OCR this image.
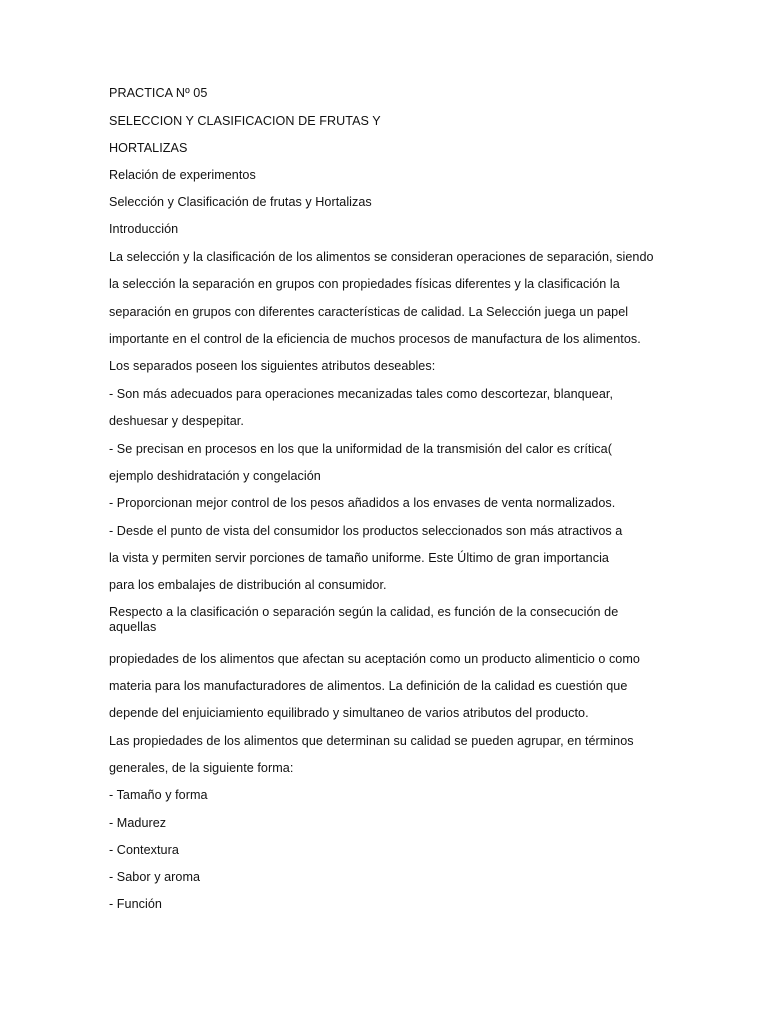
PRACTICA Nº 05
SELECCION Y CLASIFICACION DE FRUTAS Y
HORTALIZAS
Relación de experimentos
Selección y Clasificación de frutas y Hortalizas
Introducción
La selección y la clasificación de los alimentos se consideran operaciones de separación, siendo
la selección la separación en grupos con propiedades físicas diferentes y la clasificación la
separación en grupos con diferentes características de calidad. La Selección juega un papel
importante en el control de la eficiencia de muchos procesos de manufactura de los alimentos.
Los separados poseen los siguientes atributos deseables:
- Son más adecuados para operaciones mecanizadas tales como descortezar, blanquear,
deshuesar y despepitar.
- Se precisan en procesos en los que la uniformidad de la transmisión del calor es crítica(
ejemplo deshidratación y congelación
- Proporcionan mejor control de los pesos añadidos a los envases de venta normalizados.
- Desde el punto de vista del consumidor los productos seleccionados son más atractivos a
la vista y permiten servir porciones de tamaño uniforme. Este Último de gran importancia
para los embalajes de distribución al consumidor.
Respecto a la clasificación o separación según la calidad, es función de la consecución de aquellas
propiedades de los alimentos que afectan su aceptación como un producto alimenticio o como
materia para los manufacturadores de alimentos. La definición de la calidad es cuestión que
depende del enjuiciamiento equilibrado y simultaneo de varios atributos del producto.
Las propiedades de los alimentos que determinan su calidad se pueden agrupar, en términos
generales, de la siguiente forma:
- Tamaño y forma
- Madurez
- Contextura
- Sabor y aroma
- Función
